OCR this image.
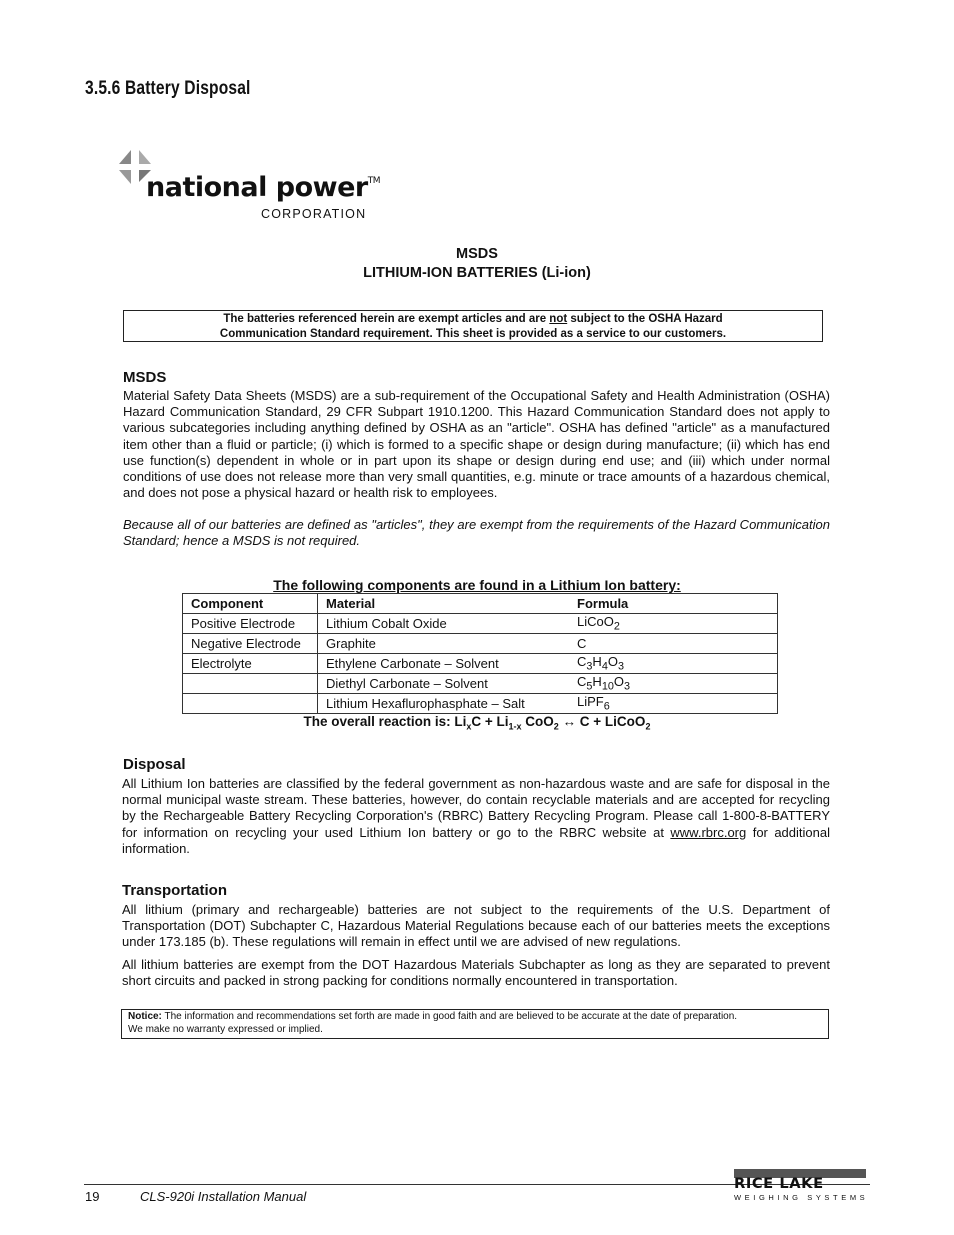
3.5.6 Battery Disposal
national power™
CORPORATION
MSDS
LITHIUM-ION BATTERIES (Li-ion)
The batteries referenced herein are exempt articles and are not subject to the OSHA Hazard
Communication Standard requirement. This sheet is provided as a service to our customers.
MSDS
Material Safety Data Sheets (MSDS) are a sub-requirement of the Occupational Safety and Health Administration (OSHA) Hazard Communication Standard, 29 CFR Subpart 1910.1200. This Hazard Communication Standard does not apply to various subcategories including anything defined by OSHA as an "article". OSHA has defined "article" as a manufactured item other than a fluid or particle; (i) which is formed to a specific shape or design during manufacture; (ii) which has end use function(s) dependent in whole or in part upon its shape or design during end use; and (iii) which under normal conditions of use does not release more than very small quantities, e.g. minute or trace amounts of a hazardous chemical, and does not pose a physical hazard or health risk to employees.
Because all of our batteries are defined as "articles", they are exempt from the requirements of the Hazard Communication Standard; hence a MSDS is not required.
The following components are found in a Lithium Ion battery:
Component	Material	Formula
Positive Electrode	Lithium Cobalt Oxide	LiCoO$_2$
Negative Electrode	Graphite	C
Electrolyte	Ethylene Carbonate – Solvent	$C_3H_4O_3$
	Diethyl Carbonate – Solvent	$C_5H_{10}O_3$
	Lithium Hexaflurophasphate – Salt	LiPF$_6$
The overall reaction is: $Li_xC + Li_{1-x}$ CoO$_2$ ↔ C + LiCoO$_2$
Disposal
All Lithium Ion batteries are classified by the federal government as non-hazardous waste and are safe for disposal in the normal municipal waste stream. These batteries, however, do contain recyclable materials and are accepted for recycling by the Rechargeable Battery Recycling Corporation's (RBRC) Battery Recycling Program. Please call 1-800-8-BATTERY for information on recycling your used Lithium Ion battery or go to the RBRC website at www.rbrc.org for additional information.
Transportation
All lithium (primary and rechargeable) batteries are not subject to the requirements of the U.S. Department of Transportation (DOT) Subchapter C, Hazardous Material Regulations because each of our batteries meets the exceptions under 173.185 (b). These regulations will remain in effect until we are advised of new regulations.
All lithium batteries are exempt from the DOT Hazardous Materials Subchapter as long as they are separated to prevent short circuits and packed in strong packing for conditions normally encountered in transportation.
Notice: The information and recommendations set forth are made in good faith and are believed to be accurate at the date of preparation.
We make no warranty expressed or implied.
19	CLS-920i Installation Manual
RICE LAKE
WEIGHING SYSTEMS
